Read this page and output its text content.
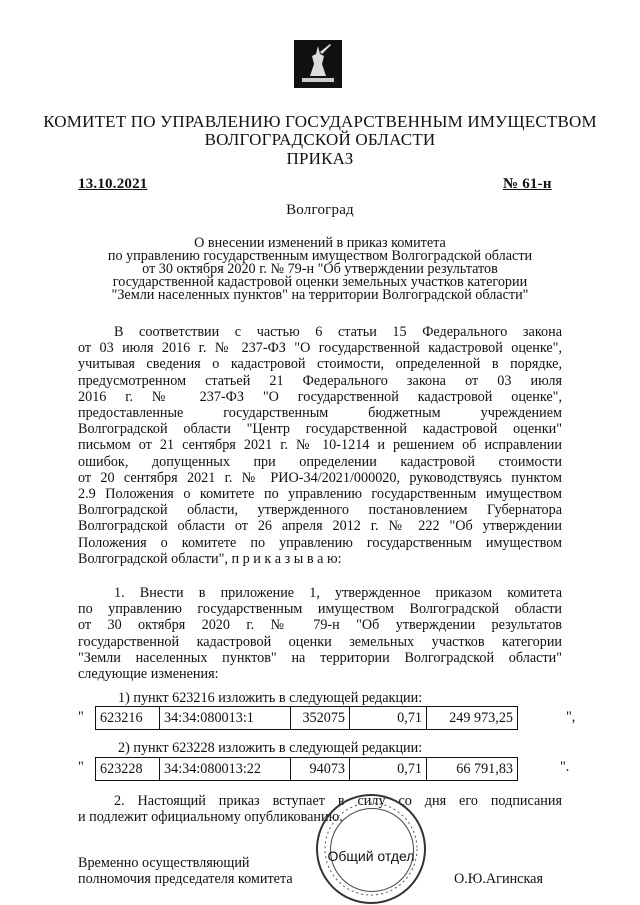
КОМИТЕТ ПО УПРАВЛЕНИЮ ГОСУДАРСТВЕННЫМ ИМУЩЕСТВОМ
ВОЛГОГРАДСКОЙ ОБЛАСТИ
ПРИКАЗ
13.10.2021	№ 61-н
Волгоград
О внесении изменений в приказ комитета
по управлению государственным имуществом Волгоградской области
от 30 октября 2020 г. № 79-н "Об утверждении результатов
государственной кадастровой оценки земельных участков категории
"Земли населенных пунктов" на территории Волгоградской области"
В соответствии с частью 6 статьи 15 Федерального закона
от 03 июля 2016 г. № 237-ФЗ "О государственной кадастровой оценке",
учитывая сведения о кадастровой стоимости, определенной в порядке,
предусмотренном статьей 21 Федерального закона от 03 июля
2016 г. № 237-ФЗ "О государственной кадастровой оценке",
предоставленные государственным бюджетным учреждением
Волгоградской области "Центр государственной кадастровой оценки"
письмом от 21 сентября 2021 г. № 10-1214 и решением об исправлении
ошибок, допущенных при определении кадастровой стоимости
от 20 сентября 2021 г. № РИО-34/2021/000020, руководствуясь пунктом
2.9 Положения о комитете по управлению государственным имуществом
Волгоградской области, утвержденного постановлением Губернатора
Волгоградской области от 26 апреля 2012 г. № 222 "Об утверждении
Положения о комитете по управлению государственным имуществом
Волгоградской области", п р и к а з ы в а ю:
1. Внести в приложение 1, утвержденное приказом комитета
по управлению государственным имуществом Волгоградской области
от 30 октября 2020 г. № 79-н "Об утверждении результатов
государственной кадастровой оценки земельных участков категории
"Земли населенных пунктов" на территории Волгоградской области"
следующие изменения:
1) пункт 623216 изложить в следующей редакции:
" 623216	34:34:080013:1	352075	0,71	249 973,25	",
2) пункт 623228 изложить в следующей редакции:
" 623228	34:34:080013:22	94073	0,71	66 791,83	".
2. Настоящий приказ вступает в силу со дня его подписания
и подлежит официальному опубликованию.
Временно осуществляющий
полномочия председателя комитета	О.Ю.Агинская
Общий отдел
